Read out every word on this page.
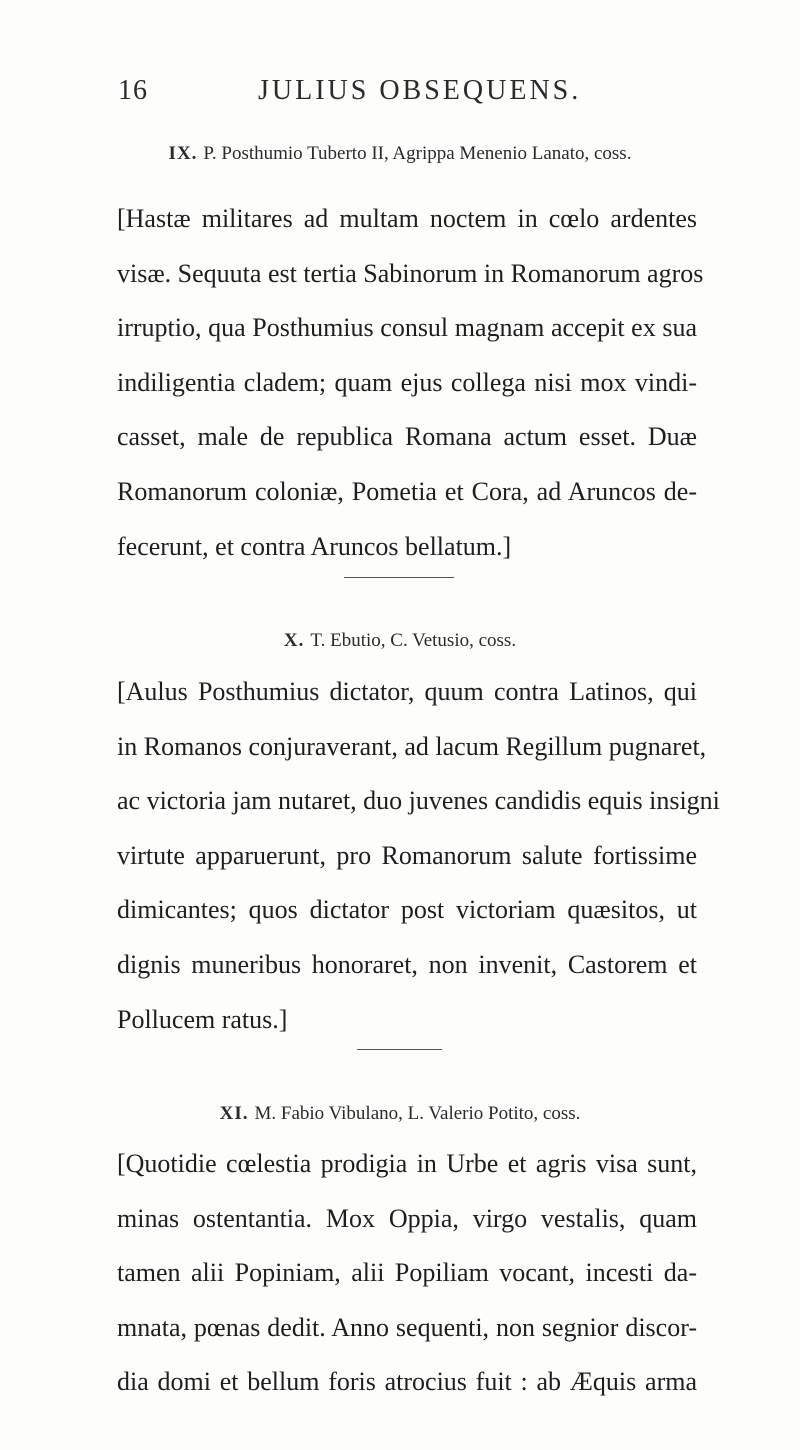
16	JULIUS OBSEQUENS.
IX. P. Posthumio Tuberto II, Agrippa Menenio Lanato, coss.
[Hastæ militares ad multam noctem in cœlo ardentes
visæ. Sequuta est tertia Sabinorum in Romanorum agros
irruptio, qua Posthumius consul magnam accepit ex sua
indiligentia cladem; quam ejus collega nisi mox vindi-
casset, male de republica Romana actum esset. Duæ
Romanorum coloniæ, Pometia et Cora, ad Aruncos de-
fecerunt, et contra Aruncos bellatum.]
X. T. Ebutio, C. Vetusio, coss.
[Aulus Posthumius dictator, quum contra Latinos, qui
in Romanos conjuraverant, ad lacum Regillum pugnaret,
ac victoria jam nutaret, duo juvenes candidis equis insigni
virtute apparuerunt, pro Romanorum salute fortissime
dimicantes; quos dictator post victoriam quæsitos, ut
dignis muneribus honoraret, non invenit, Castorem et
Pollucem ratus.]
XI. M. Fabio Vibulano, L. Valerio Potito, coss.
[Quotidie cœlestia prodigia in Urbe et agris visa sunt,
minas ostentantia. Mox Oppia, virgo vestalis, quam
tamen alii Popiniam, alii Popiliam vocant, incesti da-
mnata, pœnas dedit. Anno sequenti, non segnior discor-
dia domi et bellum foris atrocius fuit : ab Æquis arma
